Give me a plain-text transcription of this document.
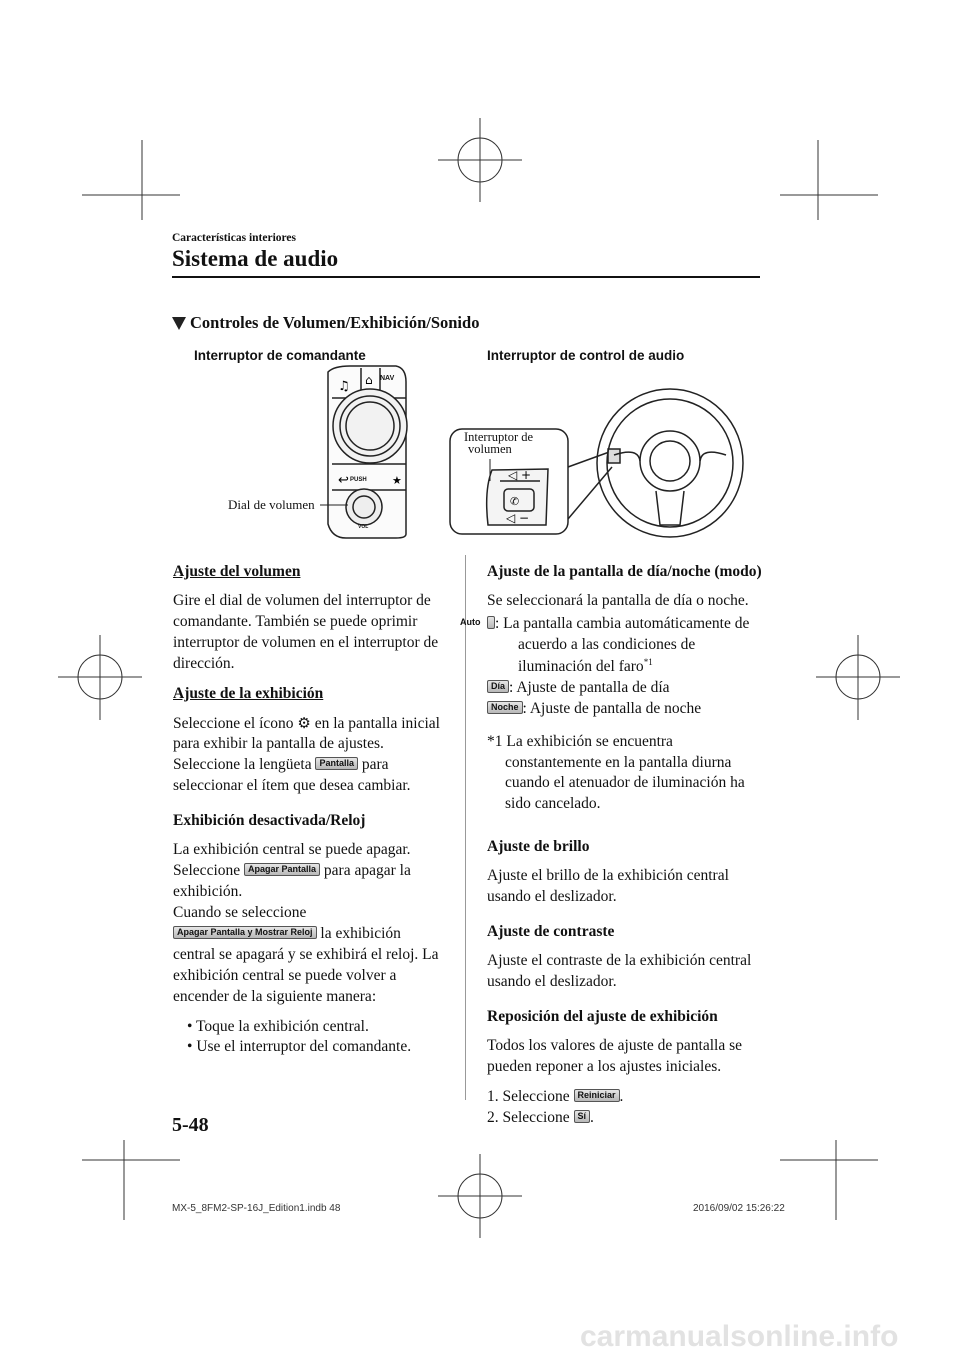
Características interiores
Sistema de audio
Controles de Volumen/Exhibición/Sonido
Interruptor de comandante	Interruptor de control de audio
♫ ⌂
↩	★
NAV
PUSH
VOL
Dial de volumen
◁ +
✆
◁ −
Interruptor de
volumen
Ajuste del volumen

Gire el dial de volumen del interruptor de comandante. También se puede oprimir interruptor de volumen en el interruptor de dirección.

Ajuste de la exhibición

Seleccione el ícono ⚙ en la pantalla inicial para exhibir la pantalla de ajustes. Seleccione la lengüeta Pantalla para seleccionar el ítem que desea cambiar.

Exhibición desactivada/Reloj

La exhibición central se puede apagar. Seleccione Apagar Pantalla para apagar la exhibición.

Cuando se seleccione
Apagar Pantalla y Mostrar Reloj la exhibición central se apagará y se exhibirá el reloj. La exhibición central se puede volver a encender de la siguiente manera:

• Toque la exhibición central.
• Use el interruptor del comandante.
Ajuste de la pantalla de día/noche (modo)

Se seleccionará la pantalla de día o noche.

Auto : La pantalla cambia automáticamente de acuerdo a las condiciones de iluminación del faro$^{*1}$
Día : Ajuste de pantalla de día
Noche : Ajuste de pantalla de noche
*1 La exhibición se encuentra constantemente en la pantalla diurna cuando el atenuador de iluminación ha sido cancelado.
Ajuste de brillo

Ajuste el brillo de la exhibición central usando el deslizador.

Ajuste de contraste

Ajuste el contraste de la exhibición central usando el deslizador.

Reposición del ajuste de exhibición

Todos los valores de ajuste de pantalla se pueden reponer a los ajustes iniciales.

1. Seleccione Reiniciar .
2. Seleccione Sí .
5-48
MX-5_8FM2-SP-16J_Edition1.indb 48	2016/09/02 15:26:22
carmanualsonline.info
